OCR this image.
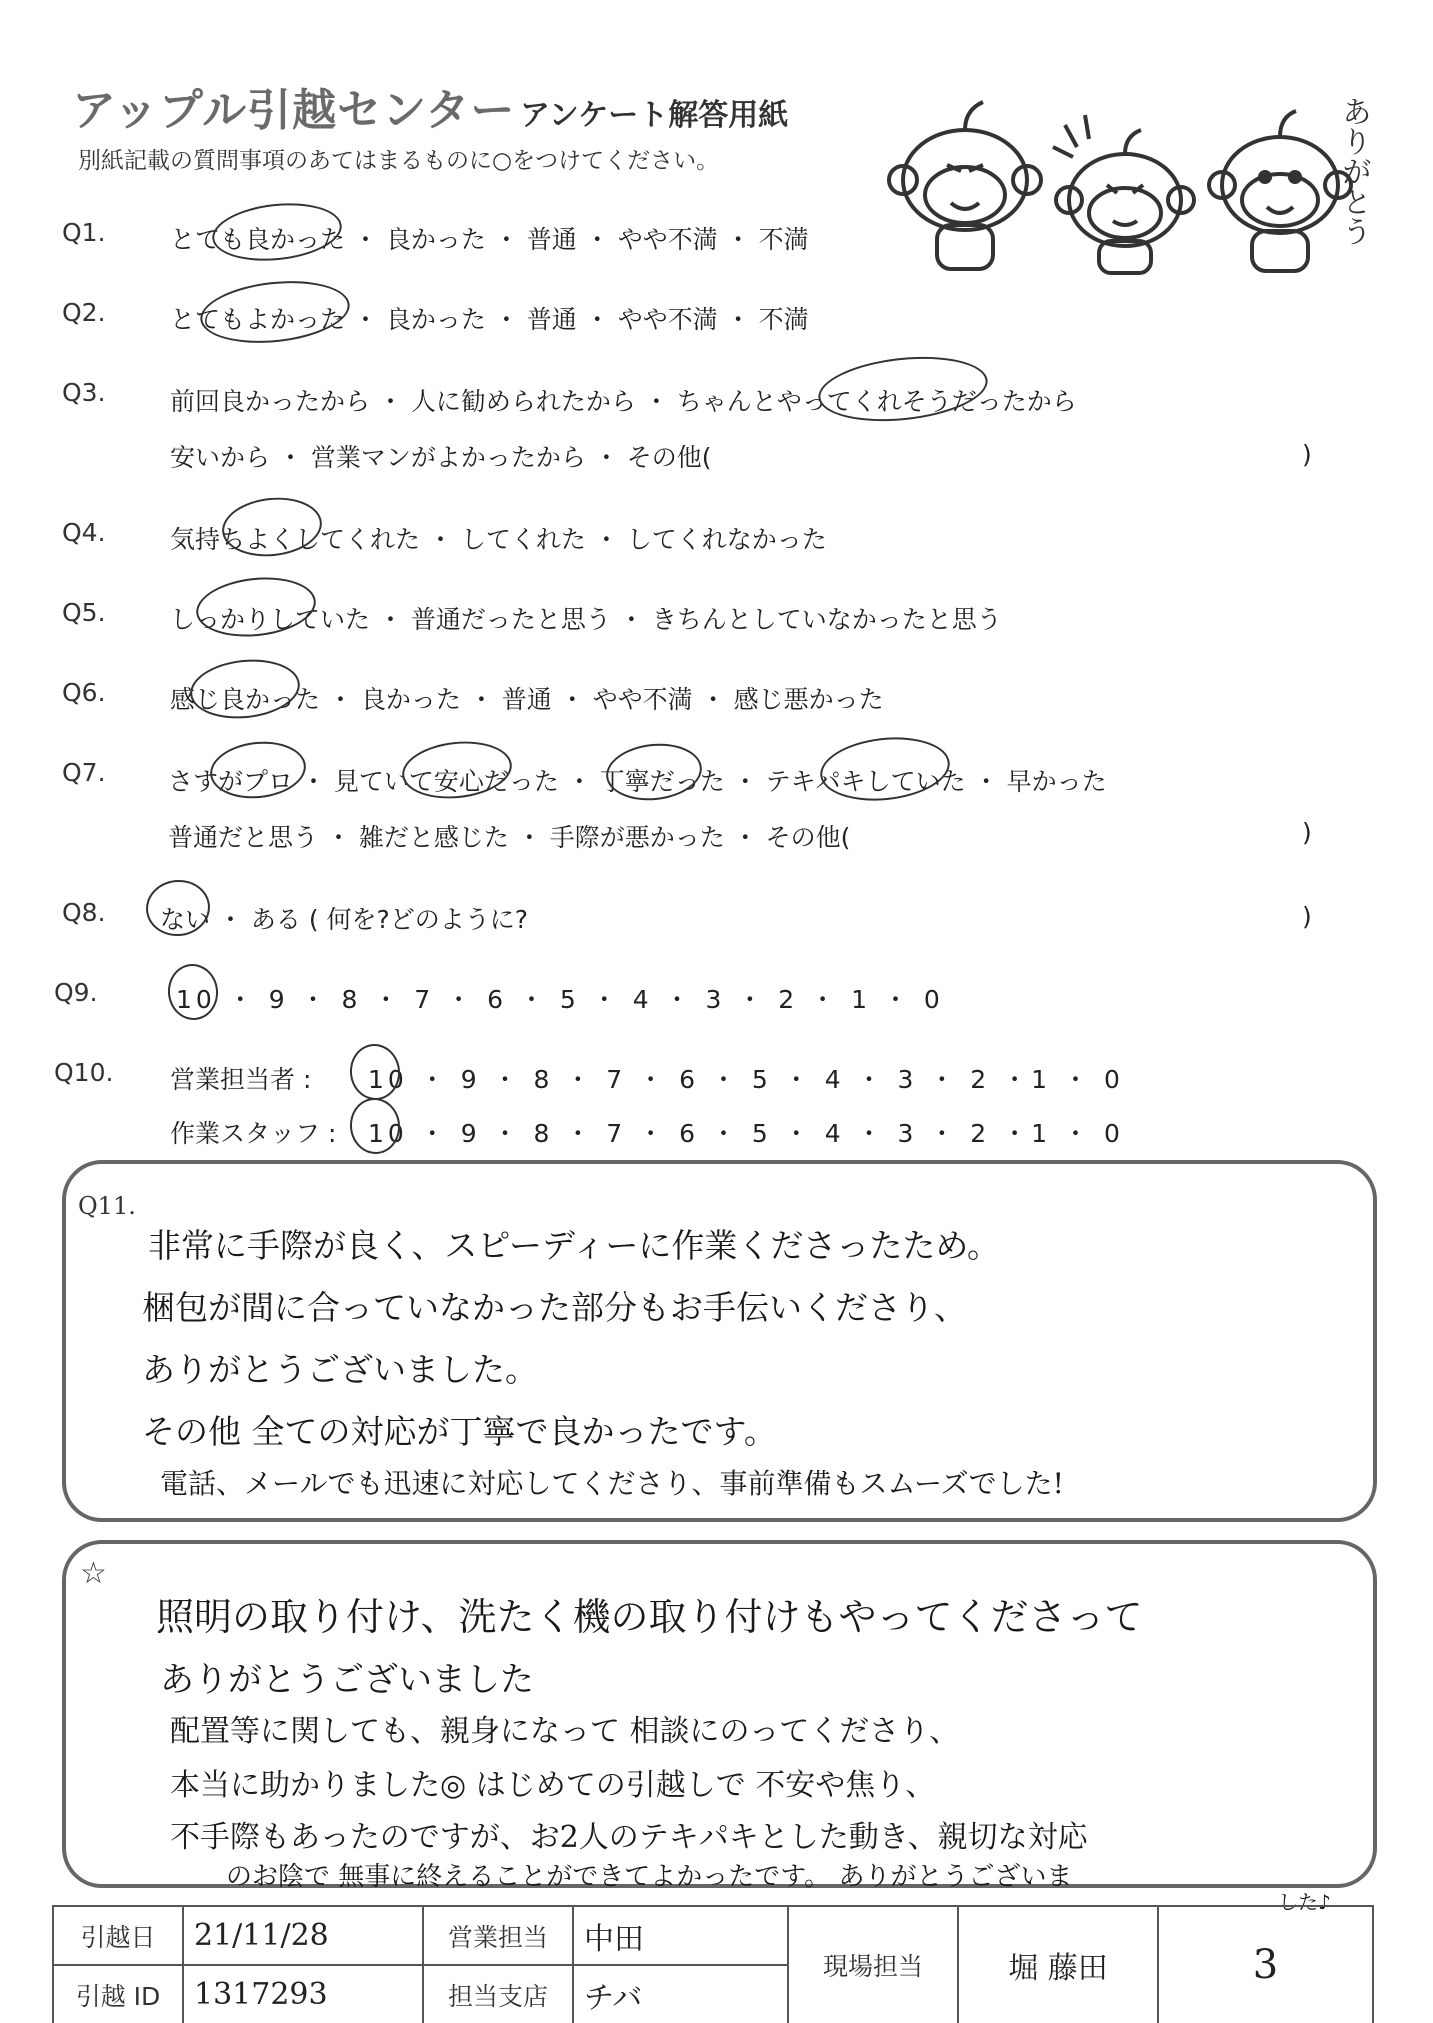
アップル引越センター アンケート解答用紙
別紙記載の質問事項のあてはまるものに○をつけてください。	ありがとう
Q1.	とても良かった ・ 良かった ・ 普通 ・ やや不満 ・ 不満
Q2.	とてもよかった ・ 良かった ・ 普通 ・ やや不満 ・ 不満
Q3.	前回良かったから ・ 人に勧められたから ・ ちゃんとやってくれそうだったから
安いから ・ 営業マンがよかったから ・ その他(	)
Q4.	気持ちよくしてくれた ・ してくれた ・ してくれなかった
Q5.	しっかりしていた ・ 普通だったと思う ・ きちんとしていなかったと思う
Q6.	感じ良かった ・ 良かった ・ 普通 ・ やや不満 ・ 感じ悪かった
Q7. さすがプロ ・ 見ていて安心だった ・ 丁寧だった ・ テキパキしていた ・ 早かった
普通だと思う ・ 雑だと感じた ・ 手際が悪かった ・ その他(	)
Q8. ない ・ ある ( 何を?どのように?	)
Q9.	10 ・ 9 ・ 8 ・ 7 ・ 6 ・ 5 ・ 4 ・ 3 ・ 2 ・ 1 ・ 0
Q10. 営業担当者 : 10 ・ 9 ・ 8 ・ 7 ・ 6 ・ 5 ・ 4 ・ 3 ・ 2 ・1 ・ 0
作業スタッフ : 10 ・ 9 ・ 8 ・ 7 ・ 6 ・ 5 ・ 4 ・ 3 ・ 2 ・1 ・ 0
Q11.
非常に手際が良く、スピーディーに作業くださったため。
梱包が間に合っていなかった部分もお手伝いくださり、
ありがとうございました。
その他 全ての対応が丁寧で良かったです。
電話、メールでも迅速に対応してくださり、事前準備もスムーズでした!
☆
照明の取り付け、洗たく機の取り付けもやってくださって
ありがとうございました
配置等に関しても、親身になって 相談にのってくださり、
本当に助かりました◎ はじめての引越しで 不安や焦り、
不手際もあったのですが、お2人のテキパキとした動き、親切な対応
のお陰で 無事に終えることができてよかったです。 ありがとうございま
した♪
引越日	21/11/28	営業担当	中田	現場担当	堀 藤田	3
引越 ID	1317293	担当支店	チバ			
